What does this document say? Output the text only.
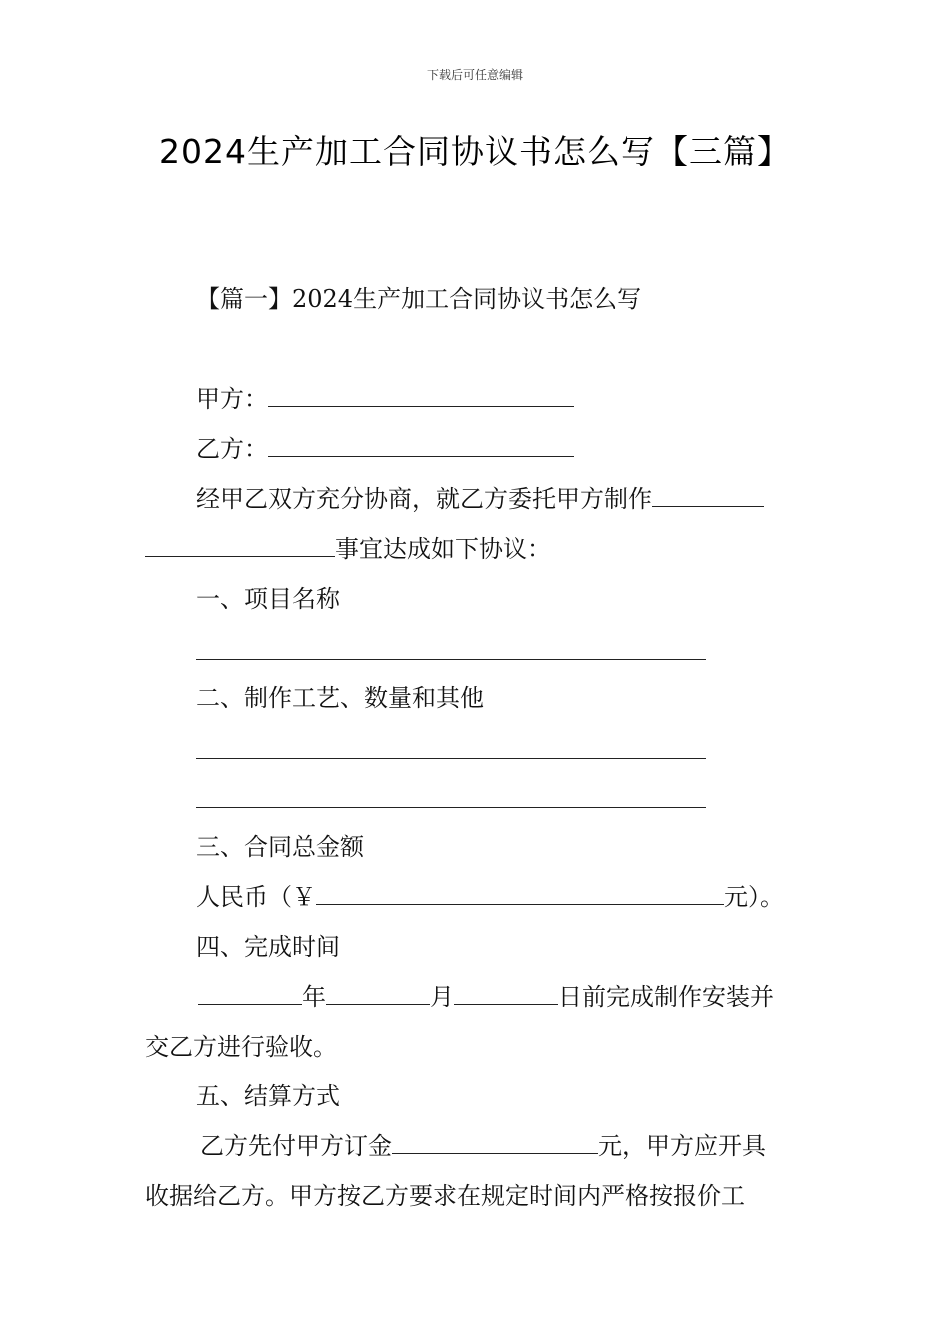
下载后可任意编辑
2024生产加工合同协议书怎么写【三篇】
【篇一】2024生产加工合同协议书怎么写
甲方：
乙方：
经甲乙双方充分协商，就乙方委托甲方制作
事宜达成如下协议：
一、项目名称
二、制作工艺、数量和其他
三、合同总金额
人民币（￥	元）。
四、完成时间
年	月	日前完成制作安装并
交乙方进行验收。
五、结算方式
乙方先付甲方订金	元，甲方应开具
收据给乙方。甲方按乙方要求在规定时间内严格按报价工
